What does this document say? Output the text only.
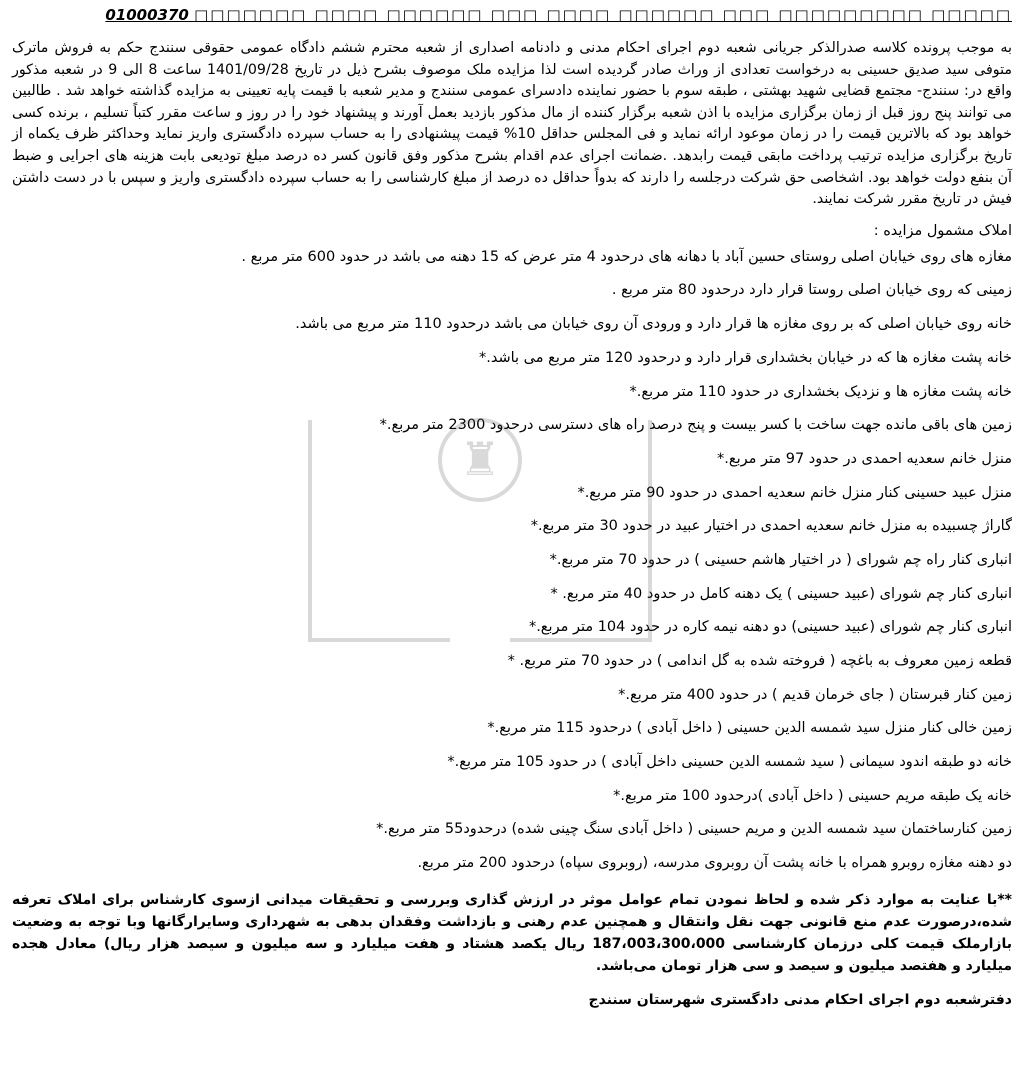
□□□□□ □□□□□□□□□ □□□ □□□□□□ □□□□ □□□ □□□□□□ □□□□ □□□□□□□ 01000370
به موجب پرونده کلاسه صدرالذکر جریانی شعبه دوم اجرای احکام مدنی و دادنامه اصداری از شعبه محترم ششم دادگاه عمومی حقوقی سنندج حکم به فروش ماترک متوفی سید صدیق حسینی به درخواست تعدادی از وراث صادر گردیده است لذا مزایده ملک موصوف بشرح ذیل در تاریخ 1401/09/28 ساعت 8 الی 9 در شعبه مذکور واقع در: سنندج- مجتمع قضایی شهید بهشتی ، طبقه سوم با حضور نماینده دادسرای عمومی سنندج و مدیر شعبه با قیمت پایه تعیینی به مزایده گذاشته خواهد شد . طالبین می توانند پنج روز قبل از زمان برگزاری مزایده با اذن شعبه برگزار کننده از مال مذکور بازدید بعمل آورند و پیشنهاد خود را در روز و ساعت مقرر کتباً تسلیم ، برنده کسی خواهد بود که بالاترین قیمت را در زمان موعود ارائه نماید و فی المجلس حداقل 10% قیمت پیشنهادی را به حساب سپرده دادگستری واریز نماید وحداکثر ظرف یکماه از تاریخ برگزاری مزایده ترتیب پرداخت مابقی قیمت رابدهد. .ضمانت اجرای عدم اقدام بشرح مذکور وفق قانون کسر ده درصد مبلغ تودیعی بابت هزینه های اجرایی و ضبط آن بنفع دولت خواهد بود. اشخاصی حق شرکت درجلسه را دارند که بدواً حداقل ده درصد از مبلغ کارشناسی را به حساب سپرده دادگستری واریز و سپس با در دست داشتن فیش در تاریخ مقرر شرکت نمایند.
املاک مشمول مزایده :
مغازه های روی خیابان اصلی روستای حسین آباد با دهانه های درحدود 4 متر عرض که 15 دهنه می باشد در حدود 600 متر مربع .
زمینی که روی خیابان اصلی روستا قرار دارد درحدود 80 متر مربع .
خانه روی خیابان اصلی که بر روی مغازه ها قرار دارد و ورودی آن روی خیابان می باشد درحدود 110 متر مربع می باشد.
خانه پشت مغازه ها که در خیابان بخشداری قرار دارد و درحدود 120 متر مربع می باشد.*
خانه پشت مغازه ها و نزدیک بخشداری در حدود 110 متر مربع.*
زمین های باقی مانده جهت ساخت با کسر بیست و پنج درصد راه های دسترسی درحدود 2300 متر مربع.*
منزل خانم سعدیه احمدی در حدود 97 متر مربع.*
منزل عبید حسینی کنار منزل خانم سعدیه احمدی در حدود 90 متر مربع.*
گاراژ چسبیده به منزل خانم سعدیه احمدی در اختیار عبید در حدود 30 متر مربع.*
انباری کنار راه چم شورای ( در اختیار هاشم حسینی ) در حدود 70 متر مربع.*
انباری کنار چم شورای (عبید حسینی ) یک دهنه کامل در حدود 40 متر مربع. *
انباری کنار چم شورای (عبید حسینی) دو دهنه نیمه کاره در حدود 104 متر مربع.*
قطعه زمین معروف به باغچه ( فروخته شده به گل اندامی ) در حدود 70 متر مربع. *
زمین کنار قبرستان ( جای خرمان قدیم ) در حدود 400 متر مربع.*
زمین خالی کنار منزل سید شمسه الدین حسینی ( داخل آبادی ) درحدود 115 متر مربع.*
خانه دو طبقه اندود سیمانی ( سید شمسه الدین حسینی داخل آبادی ) در حدود 105 متر مربع.*
خانه یک طبقه مریم حسینی ( داخل آبادی )درحدود 100 متر مربع.*
زمین کنارساختمان سید شمسه الدین و مریم حسینی ( داخل آبادی سنگ چینی شده) درحدود55 متر مربع.*
دو دهنه مغازه روبرو همراه با خانه پشت آن روبروی مدرسه، (روبروی سپاه) درحدود 200 متر مربع.
**با عنایت به موارد ذکر شده و لحاظ نمودن تمام عوامل موثر در ارزش گذاری وبررسی و تحقیقات میدانی ازسوی کارشناس برای املاک تعرفه شده،درصورت عدم منع قانونی جهت نقل وانتقال و همچنین عدم رهنی و بازداشت وفقدان بدهی به شهرداری وسایرارگانها وبا توجه به وضعیت بازارملک قیمت کلی درزمان کارشناسی 187،003،300،000 ریال یکصد هشتاد و هفت میلیارد و سه میلیون و سیصد هزار ریال) معادل هجده میلیارد و هفتصد میلیون و سیصد و سی هزار تومان می‌باشد.
دفترشعبه دوم اجرای احکام مدنی دادگستری شهرستان سنندج
♜
